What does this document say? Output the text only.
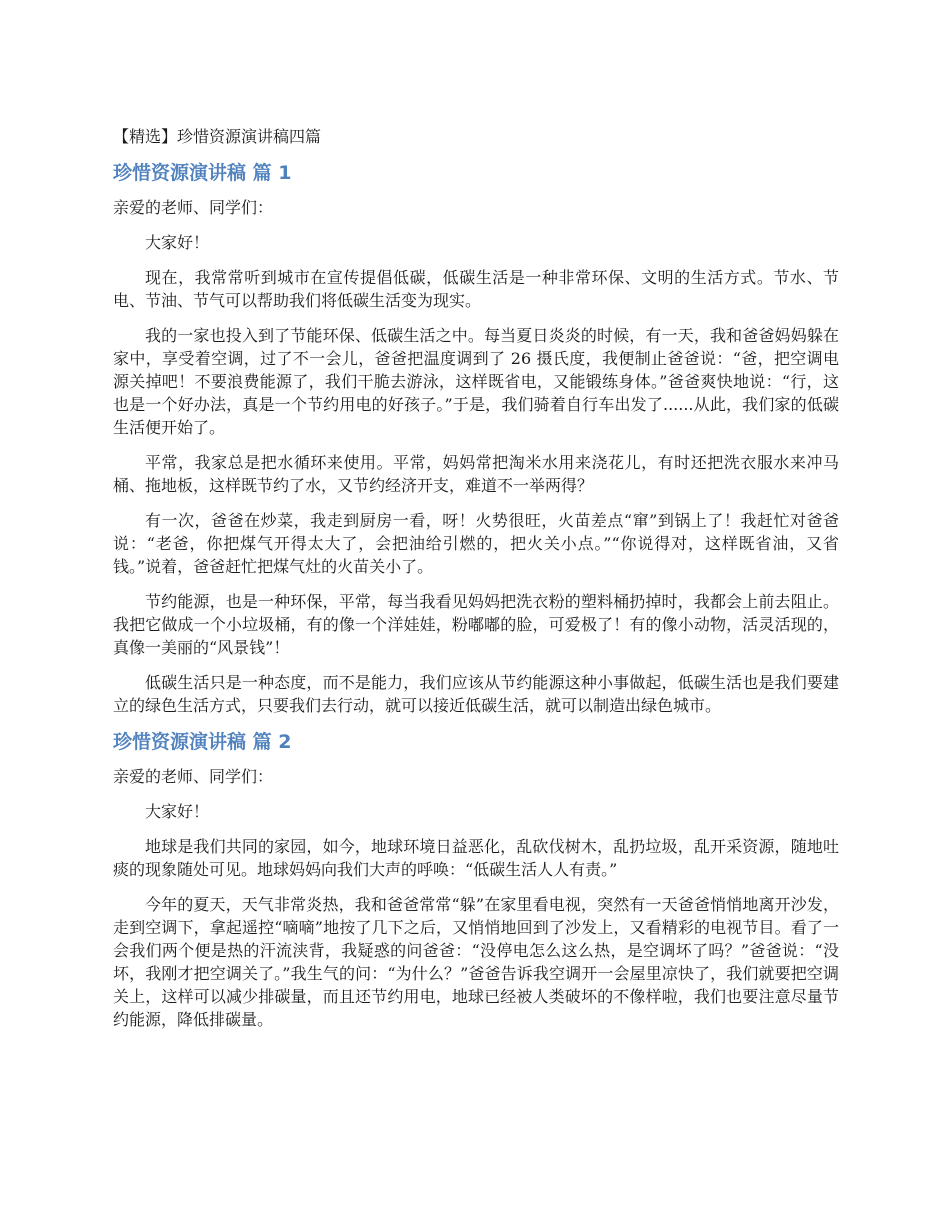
【精选】珍惜资源演讲稿四篇
珍惜资源演讲稿 篇 1
亲爱的老师、同学们：

大家好！

现在，我常常听到城市在宣传提倡低碳，低碳生活是一种非常环保、文明的生活方式。节水、节电、节油、节气可以帮助我们将低碳生活变为现实。

我的一家也投入到了节能环保、低碳生活之中。每当夏日炎炎的时候，有一天，我和爸爸妈妈躲在家中，享受着空调，过了不一会儿，爸爸把温度调到了 26 摄氏度，我便制止爸爸说：“爸，把空调电源关掉吧！不要浪费能源了，我们干脆去游泳，这样既省电，又能锻练身体。”爸爸爽快地说：“行，这也是一个好办法，真是一个节约用电的好孩子。”于是，我们骑着自行车出发了......从此，我们家的低碳生活便开始了。

平常，我家总是把水循环来使用。平常，妈妈常把淘米水用来浇花儿，有时还把洗衣服水来冲马桶、拖地板，这样既节约了水，又节约经济开支，难道不一举两得？

有一次，爸爸在炒菜，我走到厨房一看，呀！火势很旺，火苗差点“窜”到锅上了！我赶忙对爸爸说：“老爸，你把煤气开得太大了，会把油给引燃的，把火关小点。”“你说得对，这样既省油，又省钱。”说着，爸爸赶忙把煤气灶的火苗关小了。

节约能源，也是一种环保，平常，每当我看见妈妈把洗衣粉的塑料桶扔掉时，我都会上前去阻止。我把它做成一个小垃圾桶，有的像一个洋娃娃，粉嘟嘟的脸，可爱极了！有的像小动物，活灵活现的，真像一美丽的“风景钱”！

低碳生活只是一种态度，而不是能力，我们应该从节约能源这种小事做起，低碳生活也是我们要建立的绿色生活方式，只要我们去行动，就可以接近低碳生活，就可以制造出绿色城市。

珍惜资源演讲稿 篇 2
亲爱的老师、同学们：

大家好！

地球是我们共同的家园，如今，地球环境日益恶化，乱砍伐树木，乱扔垃圾，乱开采资源，随地吐痰的现象随处可见。地球妈妈向我们大声的呼唤：“低碳生活人人有责。”

今年的夏天，天气非常炎热，我和爸爸常常“躲”在家里看电视，突然有一天爸爸悄悄地离开沙发，走到空调下，拿起遥控“嘀嘀”地按了几下之后，又悄悄地回到了沙发上，又看精彩的电视节目。看了一会我们两个便是热的汗流浃背，我疑惑的问爸爸：“没停电怎么这么热，是空调坏了吗？”爸爸说：“没坏，我刚才把空调关了。”我生气的问：“为什么？”爸爸告诉我空调开一会屋里凉快了，我们就要把空调关上，这样可以减少排碳量，而且还节约用电，地球已经被人类破坏的不像样啦，我们也要注意尽量节约能源，降低排碳量。
